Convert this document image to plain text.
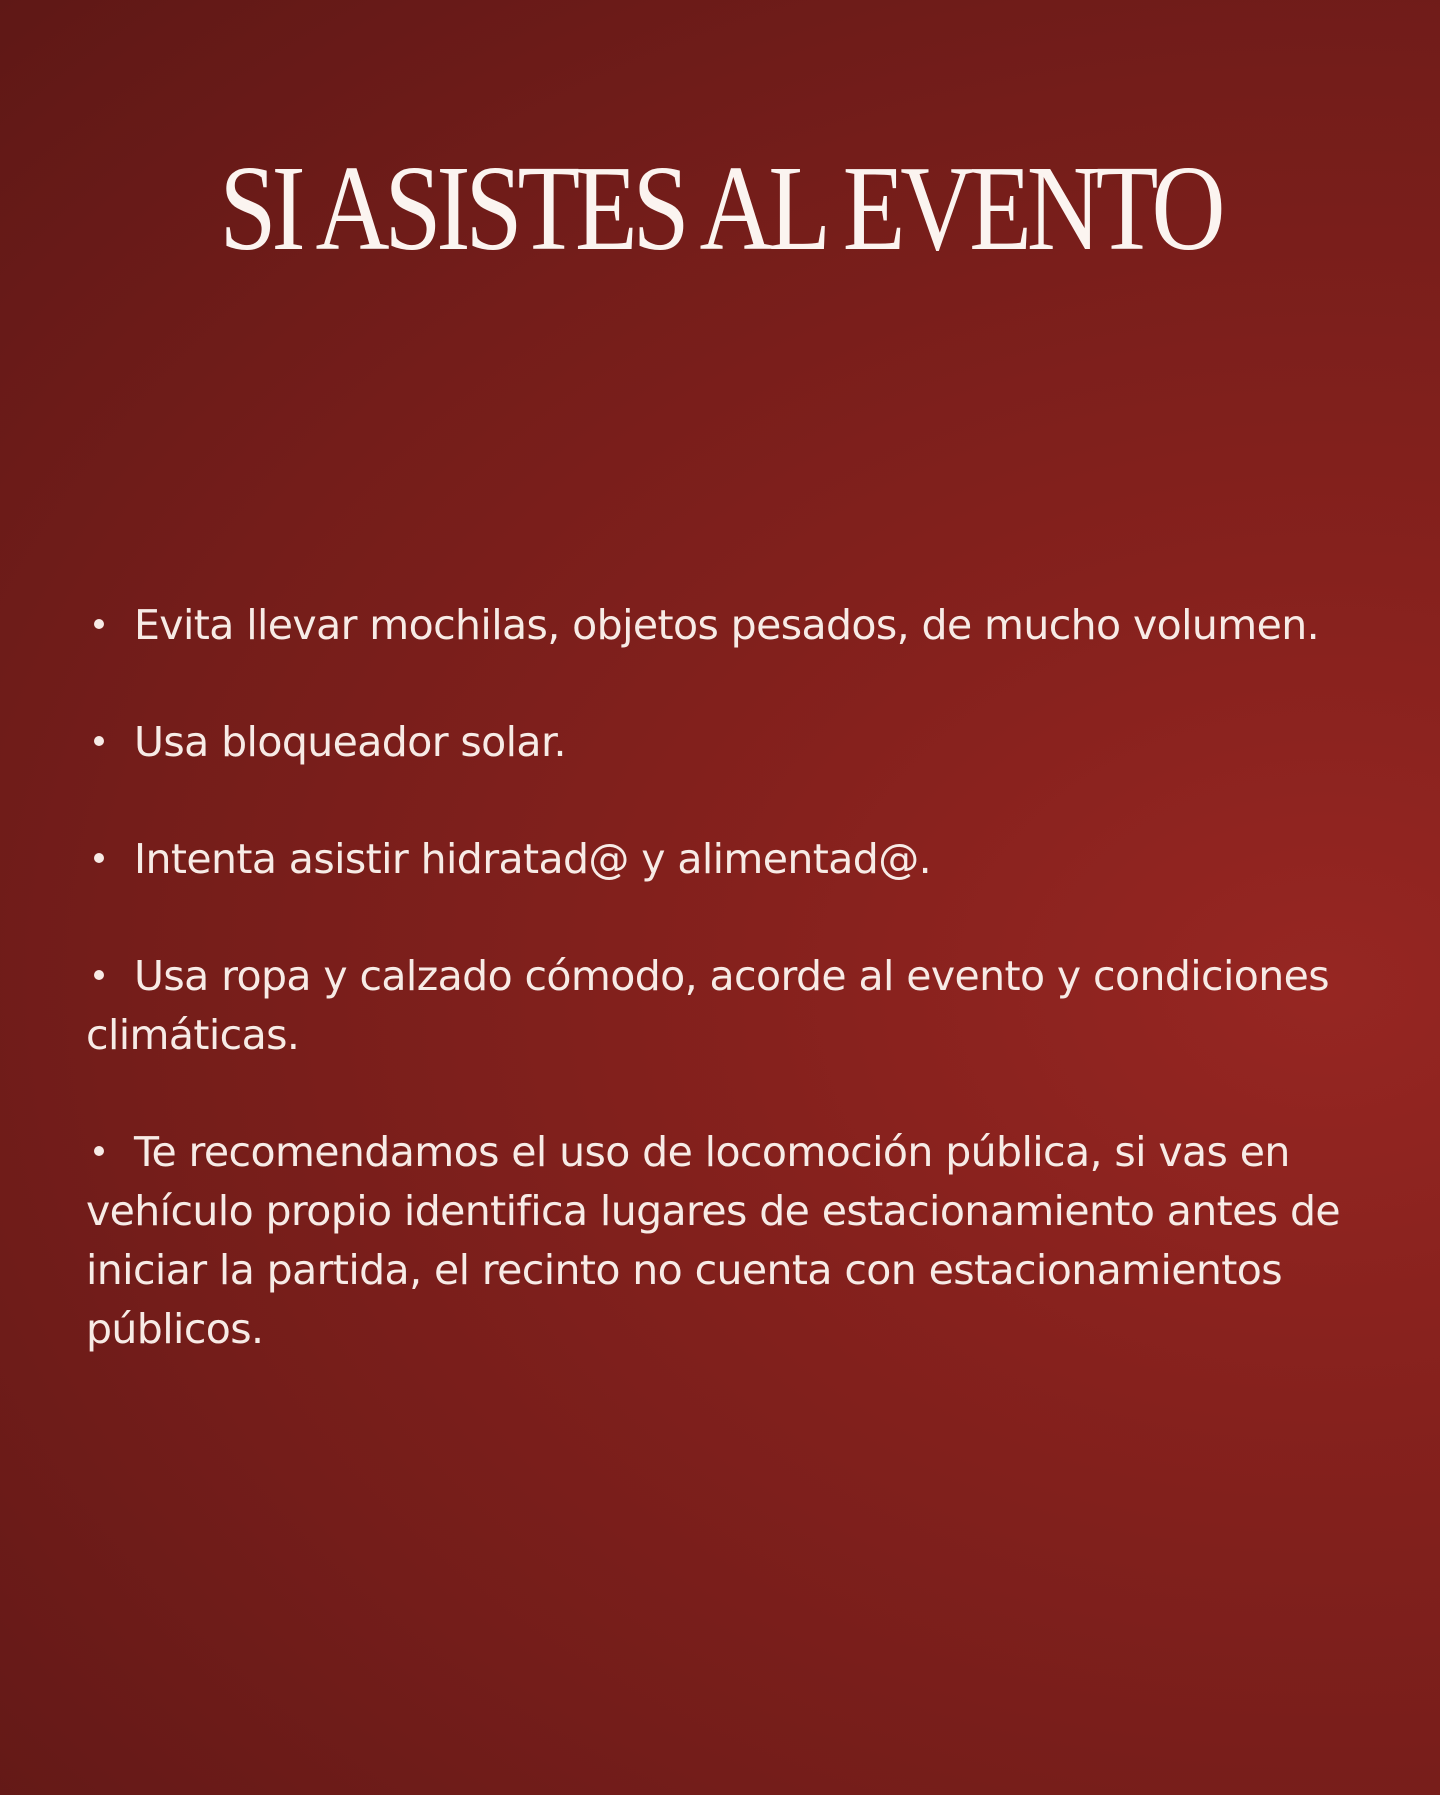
SI ASISTES AL EVENTO
Evita llevar mochilas, objetos pesados, de mucho volumen.
Usa bloqueador solar.
Intenta asistir hidratad@ y alimentad@.
Usa ropa y calzado cómodo, acorde al evento y condiciones climáticas.
Te recomendamos el uso de locomoción pública, si vas en vehículo propio identifica lugares de estacionamiento antes de iniciar la partida, el recinto no cuenta con estacionamientos públicos.
